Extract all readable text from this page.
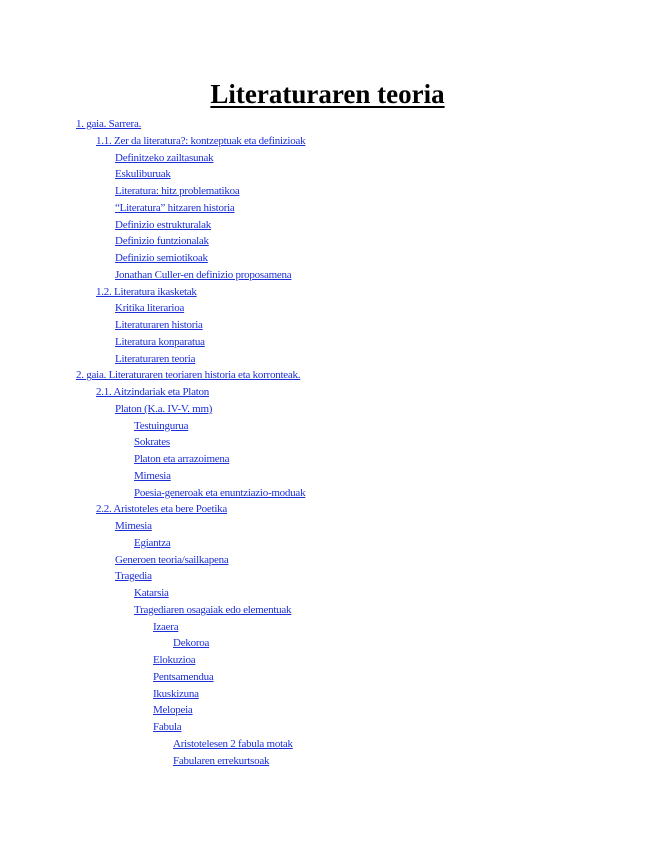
Literaturaren teoria
1. gaia. Sarrera.
1.1. Zer da literatura?: kontzeptuak eta definizioak
Definitzeko zailtasunak
Eskuliburuak
Literatura: hitz problematikoa
“Literatura” hitzaren historia
Definizio estrukturalak
Definizio funtzionalak
Definizio semiotikoak
Jonathan Culler-en definizio proposamena
1.2. Literatura ikasketak
Kritika literarioa
Literaturaren historia
Literatura konparatua
Literaturaren teoria
2. gaia. Literaturaren teoriaren historia eta korronteak.
2.1. Aitzindariak eta Platon
Platon (K.a. IV-V. mm)
Testuingurua
Sokrates
Platon eta arrazoimena
Mimesia
Poesia-generoak eta enuntziazio-moduak
2.2. Aristoteles eta bere Poetika
Mimesia
Egiantza
Generoen teoria/sailkapena
Tragedia
Katarsia
Tragediaren osagaiak edo elementuak
Izaera
Dekoroa
Elokuzioa
Pentsamendua
Ikuskizuna
Melopeia
Fabula
Aristotelesen 2 fabula motak
Fabularen errekurtsoak
